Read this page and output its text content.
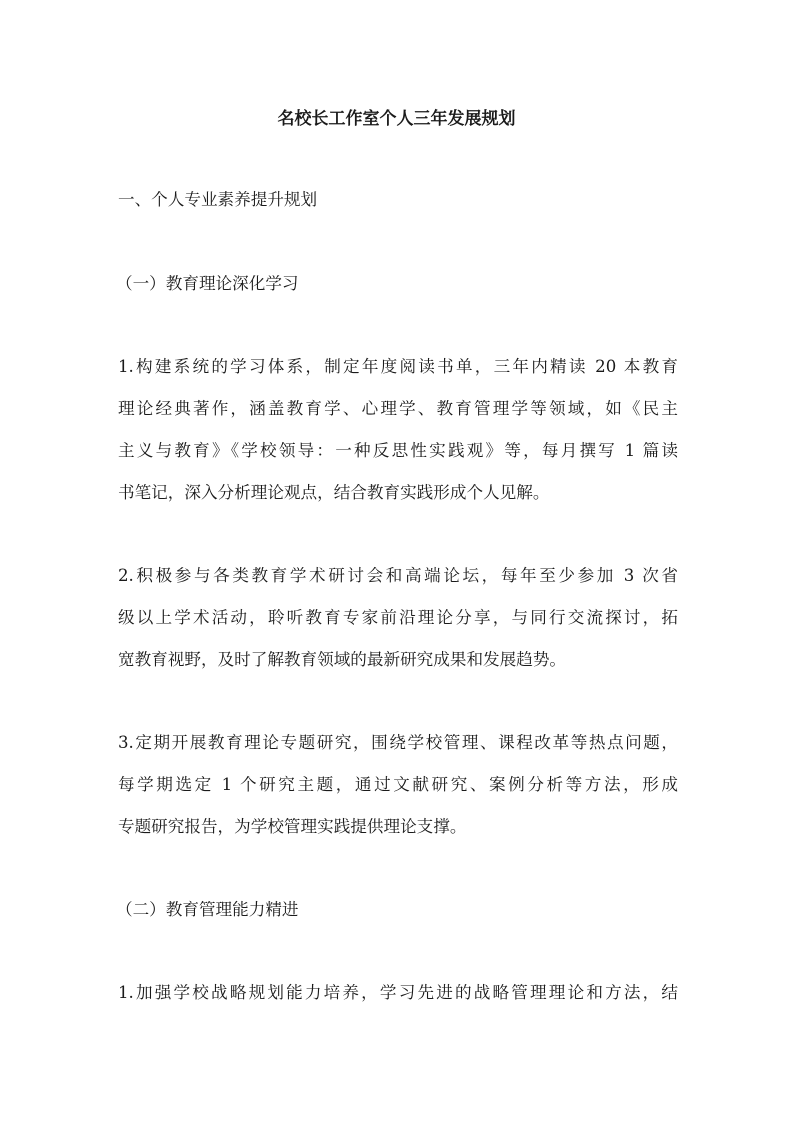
名校长工作室个人三年发展规划
一、个人专业素养提升规划
（一）教育理论深化学习
1.构建系统的学习体系，制定年度阅读书单，三年内精读 20 本教育
理论经典著作，涵盖教育学、心理学、教育管理学等领域，如《民主
主义与教育》《学校领导：一种反思性实践观》等，每月撰写 1 篇读
书笔记，深入分析理论观点，结合教育实践形成个人见解。
2.积极参与各类教育学术研讨会和高端论坛，每年至少参加 3 次省
级以上学术活动，聆听教育专家前沿理论分享，与同行交流探讨，拓
宽教育视野，及时了解教育领域的最新研究成果和发展趋势。
3.定期开展教育理论专题研究，围绕学校管理、课程改革等热点问题，
每学期选定 1 个研究主题，通过文献研究、案例分析等方法，形成
专题研究报告，为学校管理实践提供理论支撑。
（二）教育管理能力精进
1.加强学校战略规划能力培养，学习先进的战略管理理论和方法，结
